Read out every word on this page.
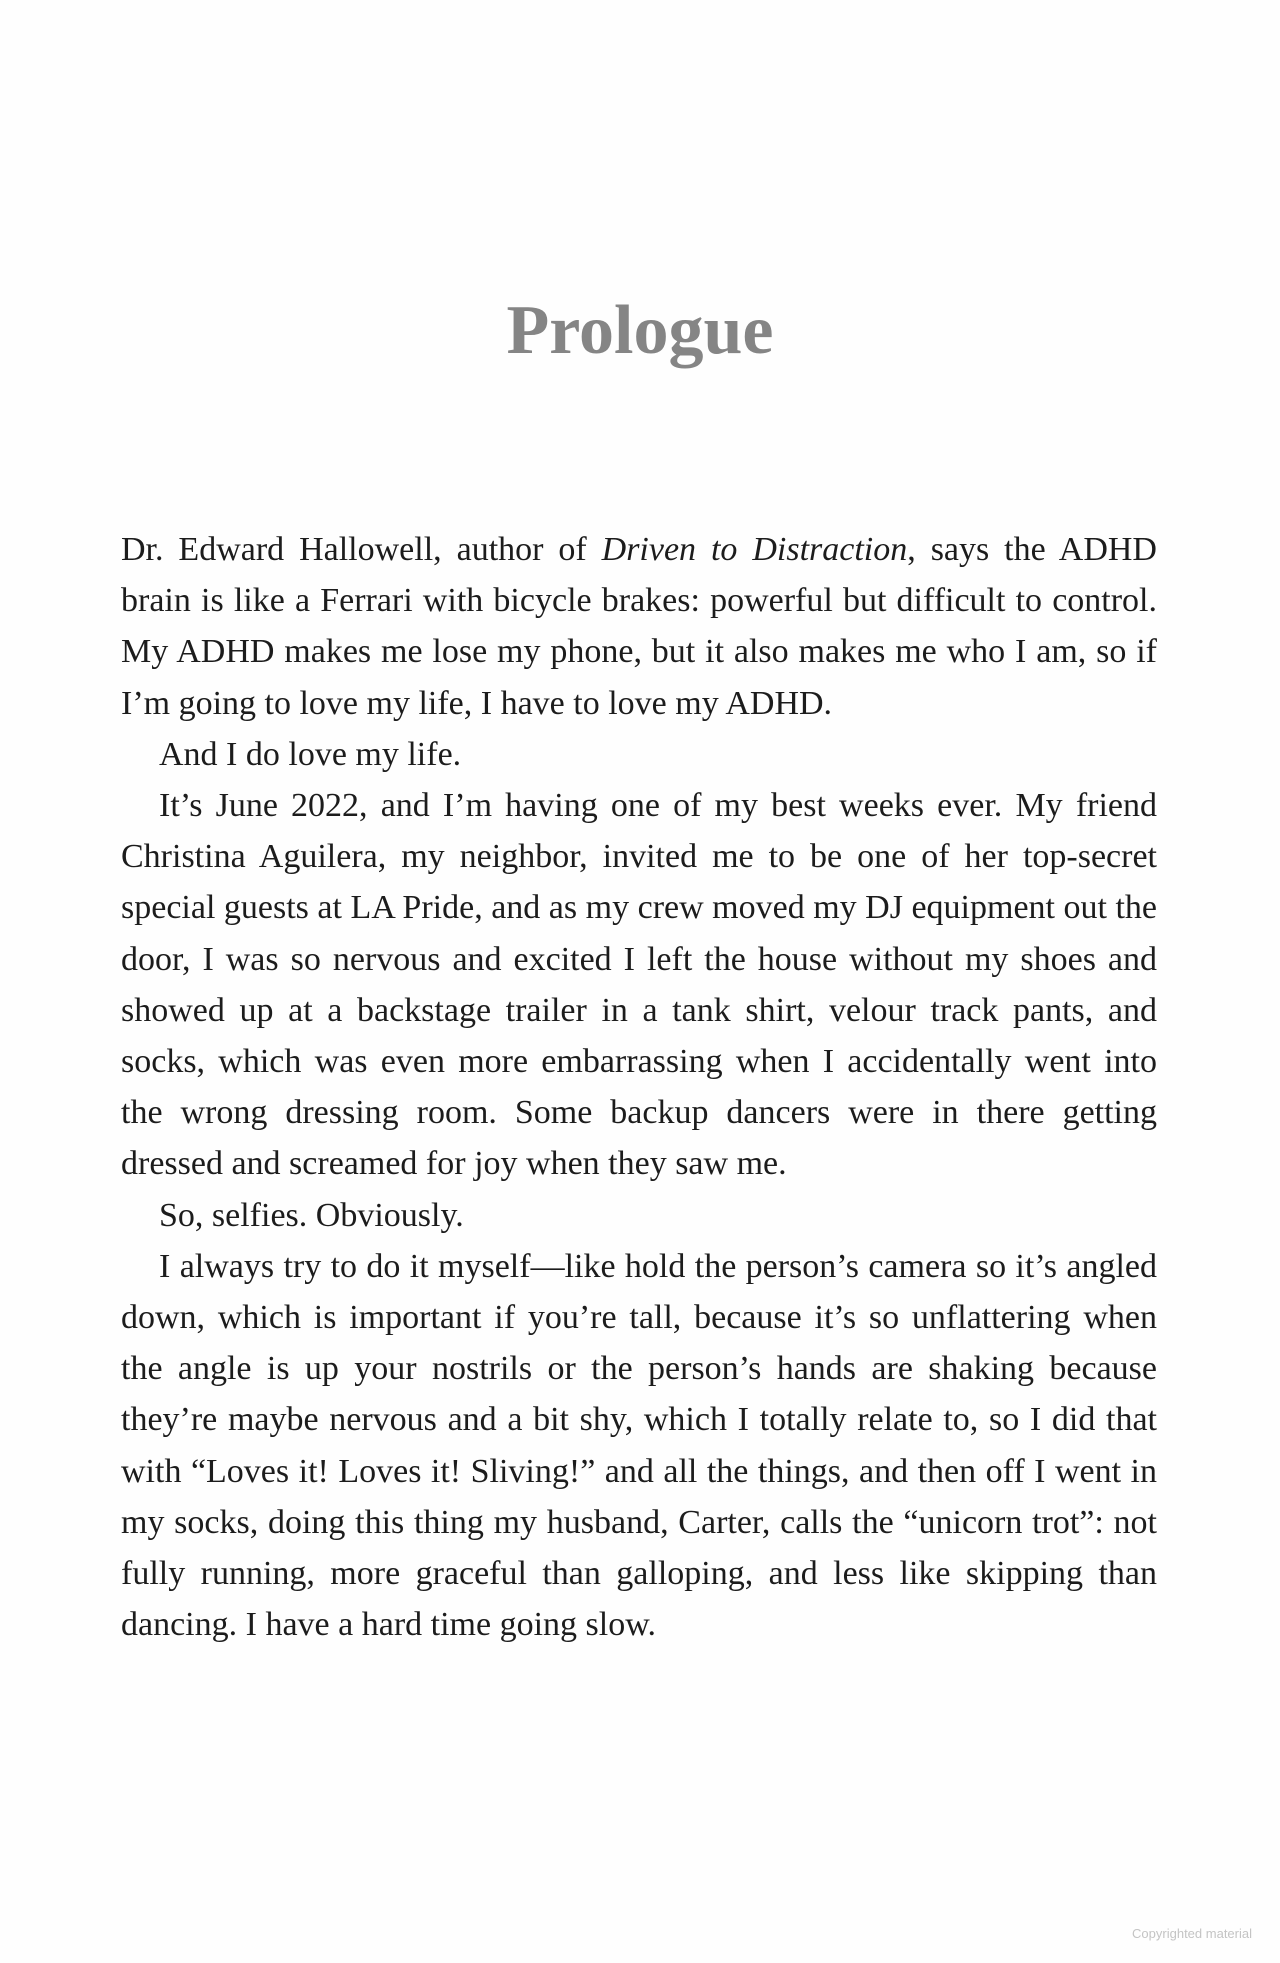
Prologue

Dr. Edward Hallowell, author of Driven to Distraction, says the ADHD brain is like a Ferrari with bicycle brakes: powerful but difficult to control. My ADHD makes me lose my phone, but it also makes me who I am, so if I’m going to love my life, I have to love my ADHD.

And I do love my life.

It’s June 2022, and I’m having one of my best weeks ever. My friend Christina Aguilera, my neighbor, invited me to be one of her top-secret special guests at LA Pride, and as my crew moved my DJ equipment out the door, I was so nervous and excited I left the house without my shoes and showed up at a backstage trailer in a tank shirt, velour track pants, and socks, which was even more embarrassing when I accidentally went into the wrong dressing room. Some backup dancers were in there getting dressed and screamed for joy when they saw me.

So, selfies. Obviously.

I always try to do it myself—like hold the person’s camera so it’s angled down, which is important if you’re tall, because it’s so unflattering when the angle is up your nostrils or the person’s hands are shaking because they’re maybe nervous and a bit shy, which I totally relate to, so I did that with “Loves it! Loves it! Sliving!” and all the things, and then off I went in my socks, doing this thing my husband, Carter, calls the “unicorn trot”: not fully running, more graceful than galloping, and less like skipping than dancing. I have a hard time going slow.

Copyrighted material
